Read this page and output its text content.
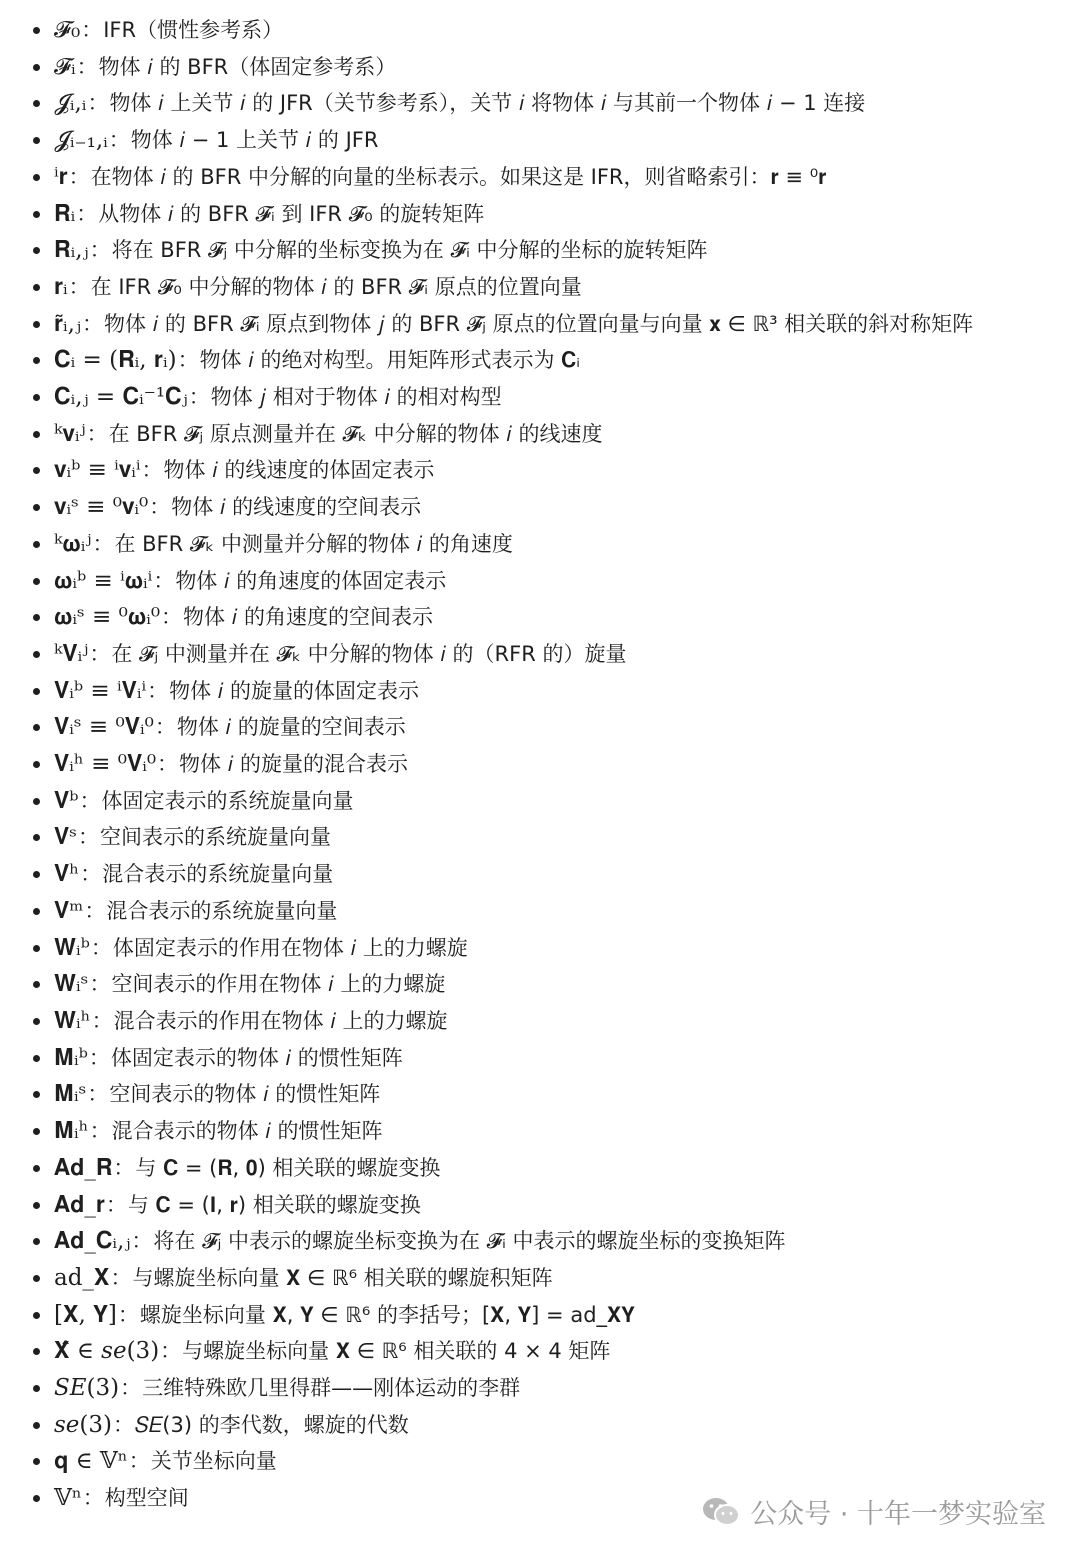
𝓕₀：IFR（惯性参考系）
𝓕ᵢ：物体 𝑖 的 BFR（体固定参考系）
𝓙ᵢ,ᵢ：物体 𝑖 上关节 𝑖 的 JFR（关节参考系），关节 𝑖 将物体 𝑖 与其前一个物体 𝑖 − 1 连接
𝓙ᵢ₋₁,ᵢ：物体 𝑖 − 1 上关节 𝑖 的 JFR
ⁱ𝐫：在物体 𝑖 的 BFR 中分解的向量的坐标表示。如果这是 IFR，则省略索引：𝐫 ≡ ⁰𝐫
𝐑ᵢ：从物体 𝑖 的 BFR 𝓕ᵢ 到 IFR 𝓕₀ 的旋转矩阵
𝐑ᵢ,ⱼ：将在 BFR 𝓕ⱼ 中分解的坐标变换为在 𝓕ᵢ 中分解的坐标的旋转矩阵
𝐫ᵢ：在 IFR 𝓕₀ 中分解的物体 𝑖 的 BFR 𝓕ᵢ 原点的位置向量
𝐫̃ᵢ,ⱼ：物体 𝑖 的 BFR 𝓕ᵢ 原点到物体 𝑗 的 BFR 𝓕ⱼ 原点的位置向量与向量 𝐱 ∈ ℝ³ 相关联的斜对称矩阵
𝐂ᵢ = (𝐑ᵢ, 𝐫ᵢ)：物体 𝑖 的绝对构型。用矩阵形式表示为 𝐂ᵢ
𝐂ᵢ,ⱼ = 𝐂ᵢ⁻¹𝐂ⱼ：物体 𝑗 相对于物体 𝑖 的相对构型
ᵏ𝐯ᵢʲ：在 BFR 𝓕ⱼ 原点测量并在 𝓕ₖ 中分解的物体 𝑖 的线速度
𝐯ᵢᵇ ≡ ⁱ𝐯ᵢⁱ：物体 𝑖 的线速度的体固定表示
𝐯ᵢˢ ≡ ⁰𝐯ᵢ⁰：物体 𝑖 的线速度的空间表示
ᵏ𝛚ᵢʲ：在 BFR 𝓕ₖ 中测量并分解的物体 𝑖 的角速度
𝛚ᵢᵇ ≡ ⁱ𝛚ᵢⁱ：物体 𝑖 的角速度的体固定表示
𝛚ᵢˢ ≡ ⁰𝛚ᵢ⁰：物体 𝑖 的角速度的空间表示
ᵏ𝐕ᵢʲ：在 𝓕ⱼ 中测量并在 𝓕ₖ 中分解的物体 𝑖 的（RFR 的）旋量
𝐕ᵢᵇ ≡ ⁱ𝐕ᵢⁱ：物体 𝑖 的旋量的体固定表示
𝐕ᵢˢ ≡ ⁰𝐕ᵢ⁰：物体 𝑖 的旋量的空间表示
𝐕ᵢʰ ≡ ⁰𝐕ᵢ⁰：物体 𝑖 的旋量的混合表示
𝐕ᵇ：体固定表示的系统旋量向量
𝐕ˢ：空间表示的系统旋量向量
𝐕ʰ：混合表示的系统旋量向量
𝐕ᵐ：混合表示的系统旋量向量
𝐖ᵢᵇ：体固定表示的作用在物体 𝑖 上的力螺旋
𝐖ᵢˢ：空间表示的作用在物体 𝑖 上的力螺旋
𝐖ᵢʰ：混合表示的作用在物体 𝑖 上的力螺旋
𝐌ᵢᵇ：体固定表示的物体 𝑖 的惯性矩阵
𝐌ᵢˢ：空间表示的物体 𝑖 的惯性矩阵
𝐌ᵢʰ：混合表示的物体 𝑖 的惯性矩阵
𝐀𝐝_𝐑：与 𝐂 = (𝐑, 𝟎) 相关联的螺旋变换
𝐀𝐝_𝐫：与 𝐂 = (𝐈, 𝐫) 相关联的螺旋变换
𝐀𝐝_𝐂ᵢ,ⱼ：将在 𝓕ⱼ 中表示的螺旋坐标变换为在 𝓕ᵢ 中表示的螺旋坐标的变换矩阵
ad_𝐗：与螺旋坐标向量 𝐗 ∈ ℝ⁶ 相关联的螺旋积矩阵
[𝐗, 𝐘]：螺旋坐标向量 𝐗, 𝐘 ∈ ℝ⁶ 的李括号；[𝐗, 𝐘] = ad_𝐗𝐘
𝐗̂ ∈ 𝑠𝑒(3)：与螺旋坐标向量 𝐗 ∈ ℝ⁶ 相关联的 4 × 4 矩阵
𝑆𝐸(3)：三维特殊欧几里得群——刚体运动的李群
𝑠𝑒(3)：𝑆𝐸(3) 的李代数，螺旋的代数
𝐪 ∈ 𝕍ⁿ：关节坐标向量
𝕍ⁿ：构型空间
公众号 · 十年一梦实验室
